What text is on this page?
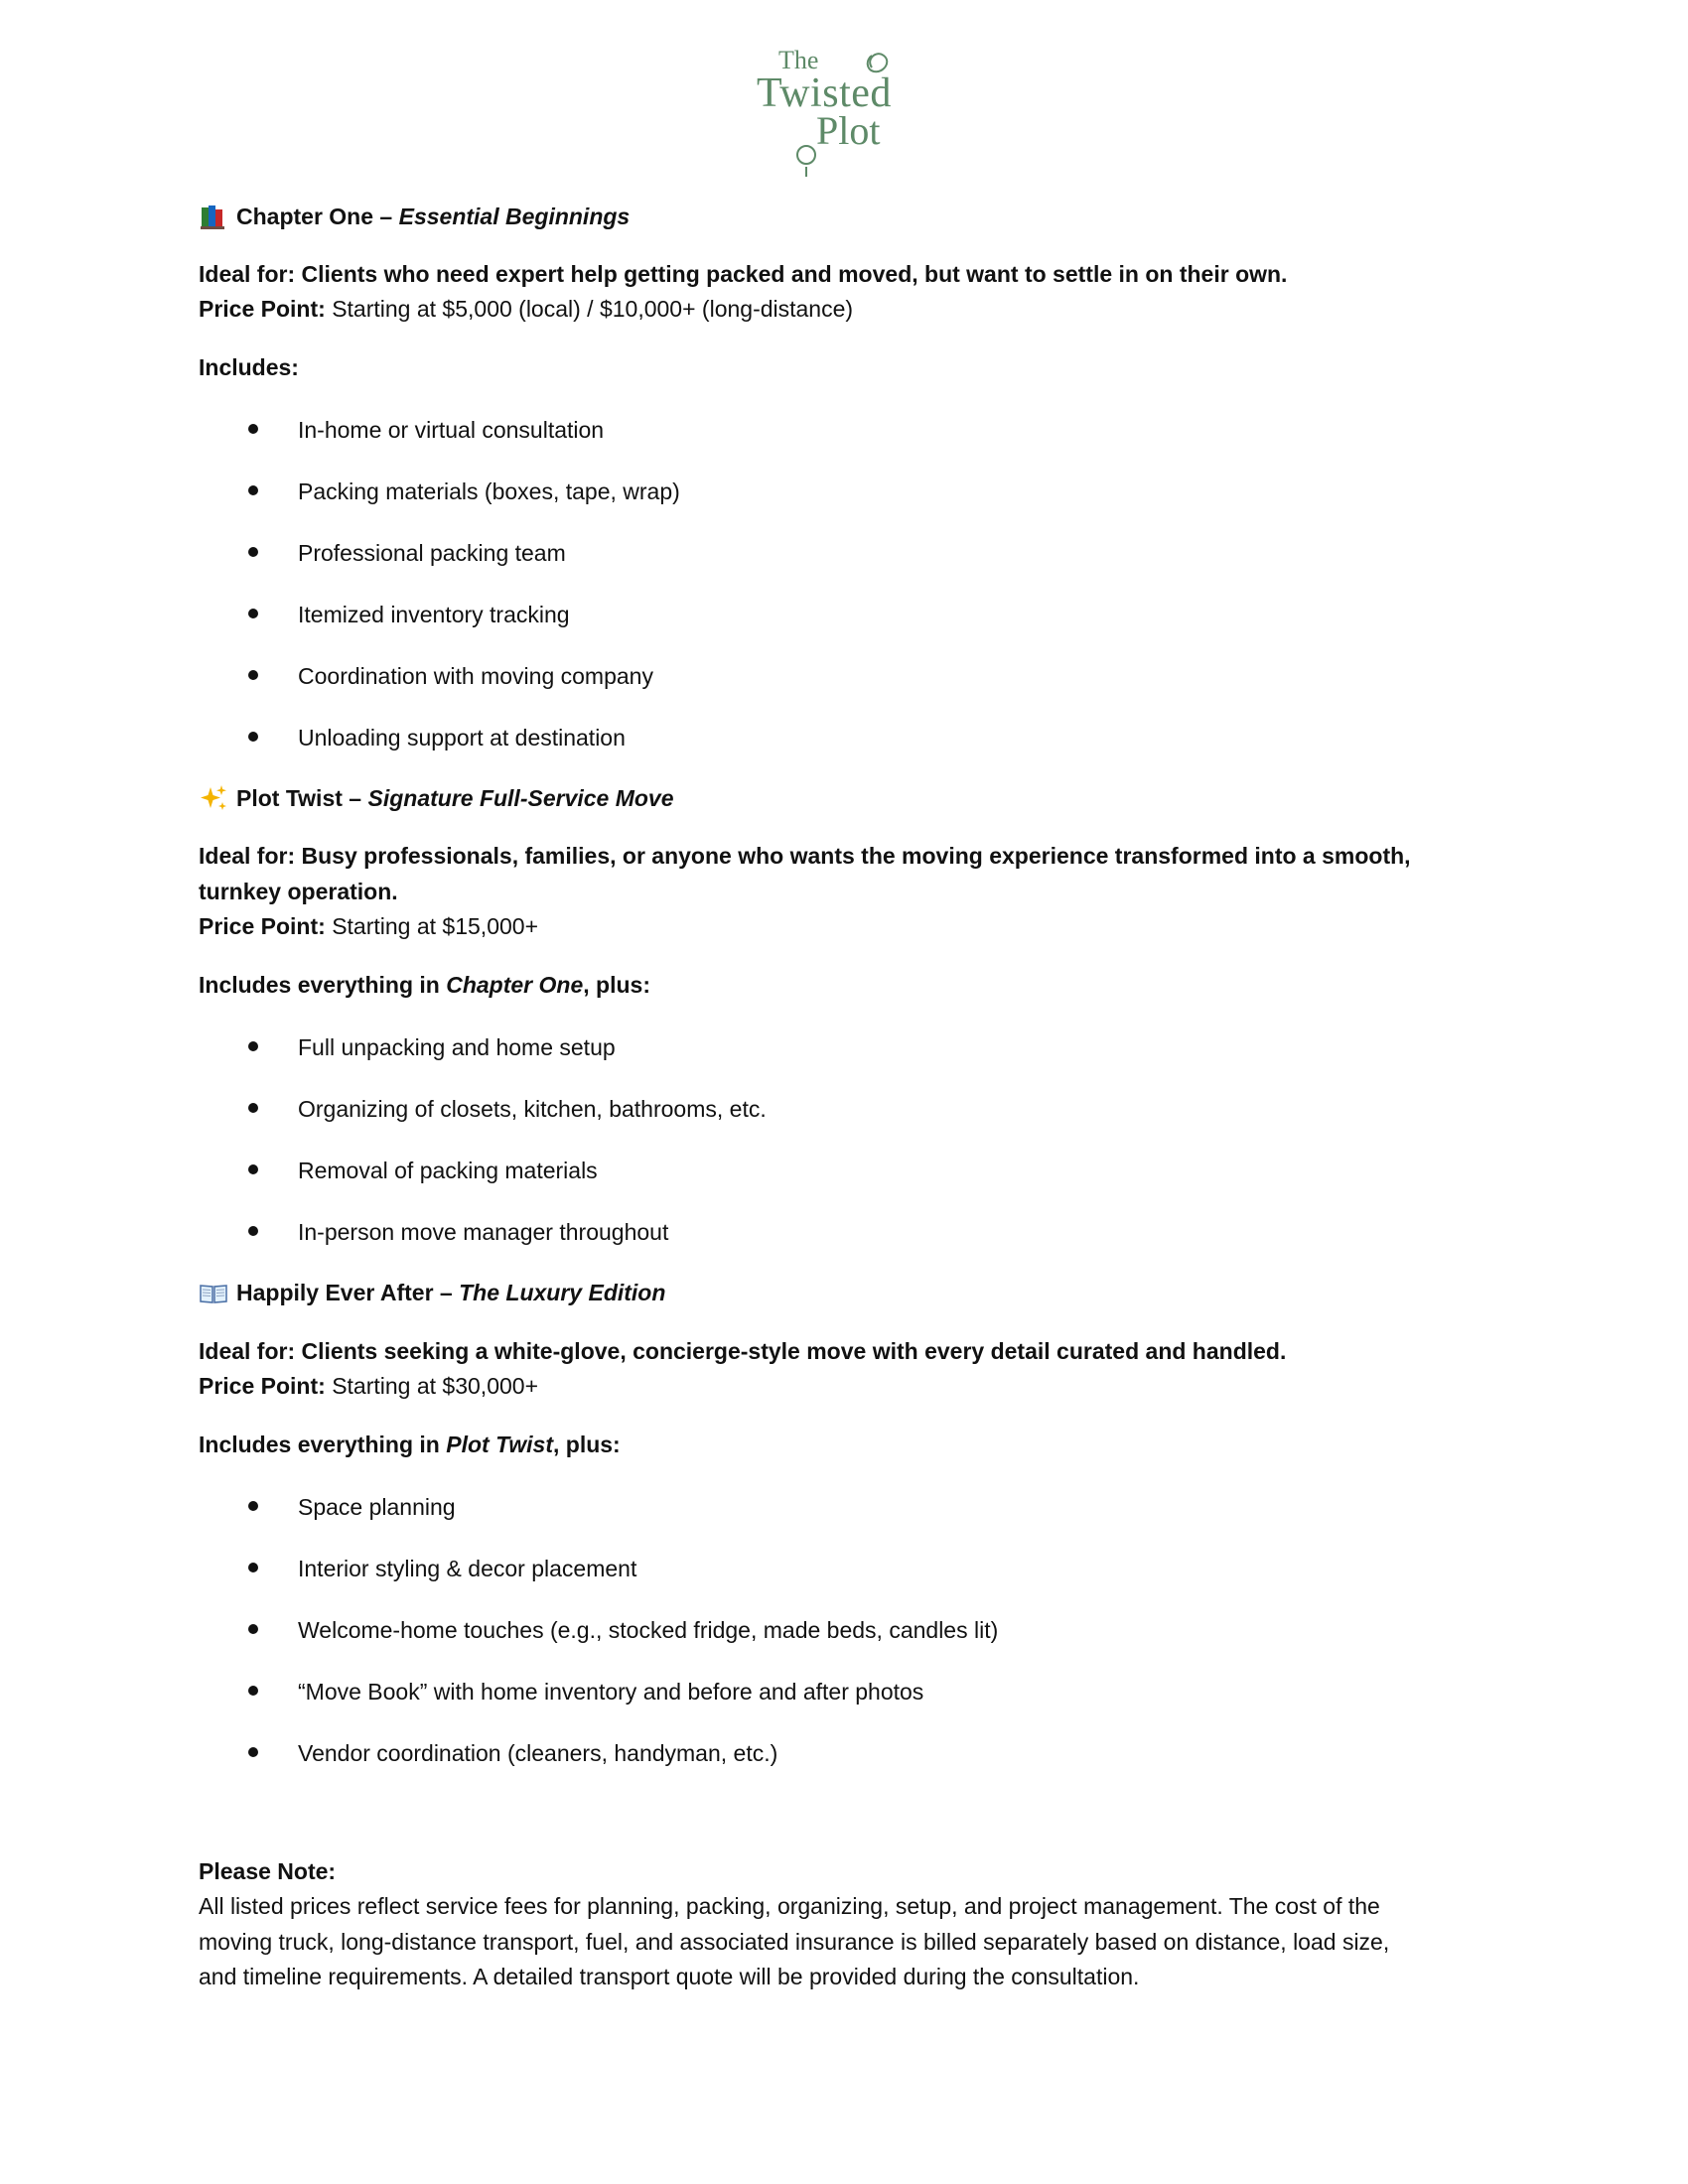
The
Twisted
Plot
Chapter One – Essential Beginnings
Ideal for: Clients who need expert help getting packed and moved, but want to settle in on their own.
Price Point: Starting at $5,000 (local) / $10,000+ (long-distance)
Includes:
In-home or virtual consultation
Packing materials (boxes, tape, wrap)
Professional packing team
Itemized inventory tracking
Coordination with moving company
Unloading support at destination
Plot Twist – Signature Full-Service Move
Ideal for: Busy professionals, families, or anyone who wants the moving experience transformed into a smooth,
turnkey operation.
Price Point: Starting at $15,000+
Includes everything in Chapter One, plus:
Full unpacking and home setup
Organizing of closets, kitchen, bathrooms, etc.
Removal of packing materials
In-person move manager throughout
Happily Ever After – The Luxury Edition
Ideal for: Clients seeking a white-glove, concierge-style move with every detail curated and handled.
Price Point: Starting at $30,000+
Includes everything in Plot Twist, plus:
Space planning
Interior styling & decor placement
Welcome-home touches (e.g., stocked fridge, made beds, candles lit)
“Move Book” with home inventory and before and after photos
Vendor coordination (cleaners, handyman, etc.)
Please Note:
All listed prices reflect service fees for planning, packing, organizing, setup, and project management. The cost of the
moving truck, long-distance transport, fuel, and associated insurance is billed separately based on distance, load size,
and timeline requirements. A detailed transport quote will be provided during the consultation.
